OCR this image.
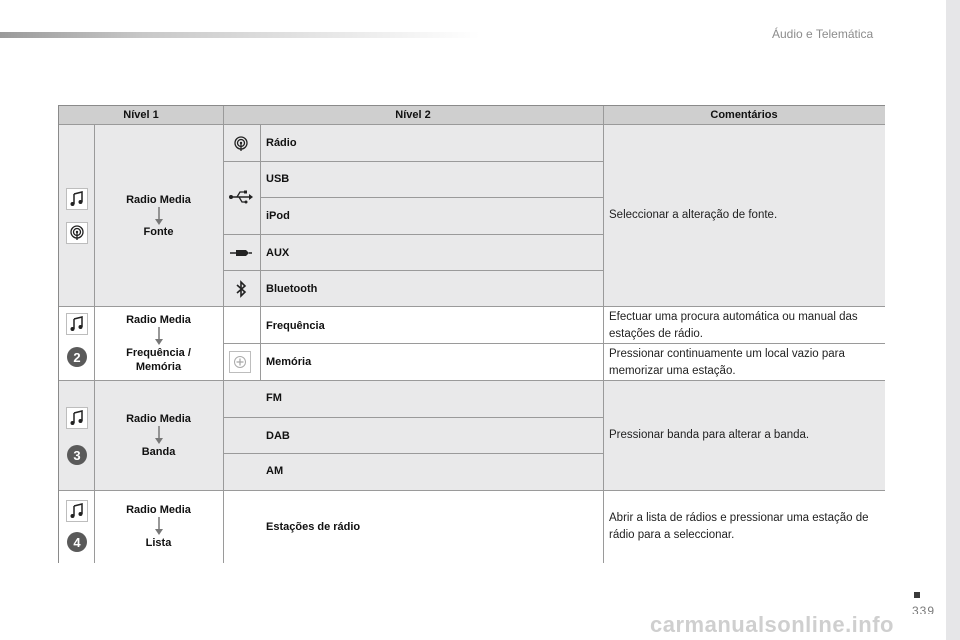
Áudio e Telemática
Nível 1	Nível 2	Comentários
Radio Media
Fonte
Rádio
USB
iPod
AUX
Bluetooth
Seleccionar a alteração de fonte.
2
Radio Media
Frequência / Memória
Frequência
Efectuar uma procura automática ou manual das estações de rádio.
Memória
Pressionar continuamente um local vazio para memorizar uma estação.
3
Radio Media
Banda
FM
DAB
AM
Pressionar banda para alterar a banda.
4
Radio Media
Lista
Estações de rádio
Abrir a lista de rádios e pressionar uma estação de rádio para a seleccionar.
339
carmanualsonline.info
